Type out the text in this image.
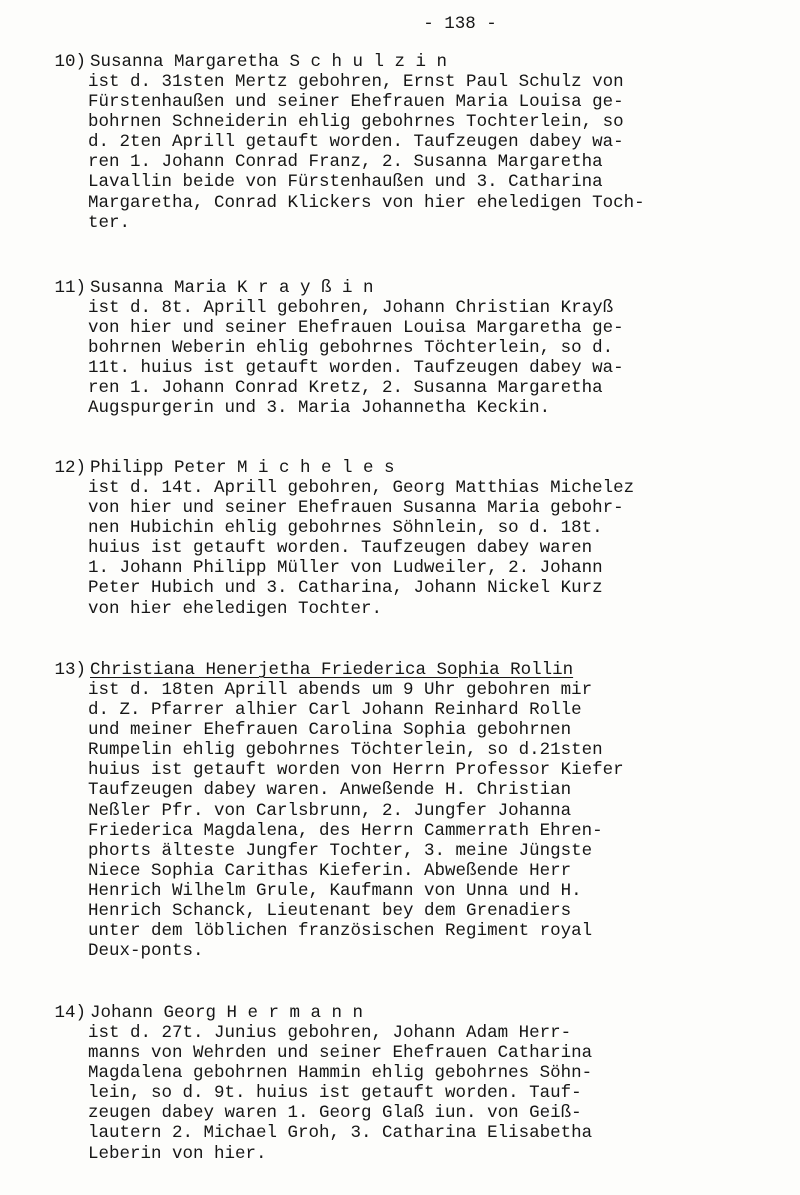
- 138 -
10) Susanna Margaretha S c h u l z i n
ist d. 31sten Mertz gebohren, Ernst Paul Schulz von
Fürstenhaußen und seiner Ehefrauen Maria Louisa ge-
bohrnen Schneiderin ehlig gebohrnes Tochterlein, so
d. 2ten Aprill getauft worden. Taufzeugen dabey wa-
ren 1. Johann Conrad Franz, 2. Susanna Margaretha
Lavallin beide von Fürstenhaußen und 3. Catharina
Margaretha, Conrad Klickers von hier eheledigen Toch-
ter.
11) Susanna Maria K r a y ß i n
ist d. 8t. Aprill gebohren, Johann Christian Krayß
von hier und seiner Ehefrauen Louisa Margaretha ge-
bohrnen Weberin ehlig gebohrnes Töchterlein, so d.
11t. huius ist getauft worden. Taufzeugen dabey wa-
ren 1. Johann Conrad Kretz, 2. Susanna Margaretha
Augspurgerin und 3. Maria Johannetha Keckin.
12) Philipp Peter M i c h e l e s
ist d. 14t. Aprill gebohren, Georg Matthias Michelez
von hier und seiner Ehefrauen Susanna Maria gebohr-
nen Hubichin ehlig gebohrnes Söhnlein, so d. 18t.
huius ist getauft worden. Taufzeugen dabey waren
1. Johann Philipp Müller von Ludweiler, 2. Johann
Peter Hubich und 3. Catharina, Johann Nickel Kurz
von hier eheledigen Tochter.
13) Christiana Henerjetha Friederica Sophia Rollin
ist d. 18ten Aprill abends um 9 Uhr gebohren mir
d. Z. Pfarrer alhier Carl Johann Reinhard Rolle
und meiner Ehefrauen Carolina Sophia gebohrnen
Rumpelin ehlig gebohrnes Töchterlein, so d.21sten
huius ist getauft worden von Herrn Professor Kiefer
Taufzeugen dabey waren. Anweßende H. Christian
Neßler Pfr. von Carlsbrunn, 2. Jungfer Johanna
Friederica Magdalena, des Herrn Cammerrath Ehren-
phorts älteste Jungfer Tochter, 3. meine Jüngste
Niece Sophia Carithas Kieferin. Abweßende Herr
Henrich Wilhelm Grule, Kaufmann von Unna und H.
Henrich Schanck, Lieutenant bey dem Grenadiers
unter dem löblichen französischen Regiment royal
Deux-ponts.
14) Johann Georg H e r m a n n
ist d. 27t. Junius gebohren, Johann Adam Herr-
manns von Wehrden und seiner Ehefrauen Catharina
Magdalena gebohrnen Hammin ehlig gebohrnes Söhn-
lein, so d. 9t. huius ist getauft worden. Tauf-
zeugen dabey waren 1. Georg Glaß iun. von Geiß-
lautern 2. Michael Groh, 3. Catharina Elisabetha
Leberin von hier.
